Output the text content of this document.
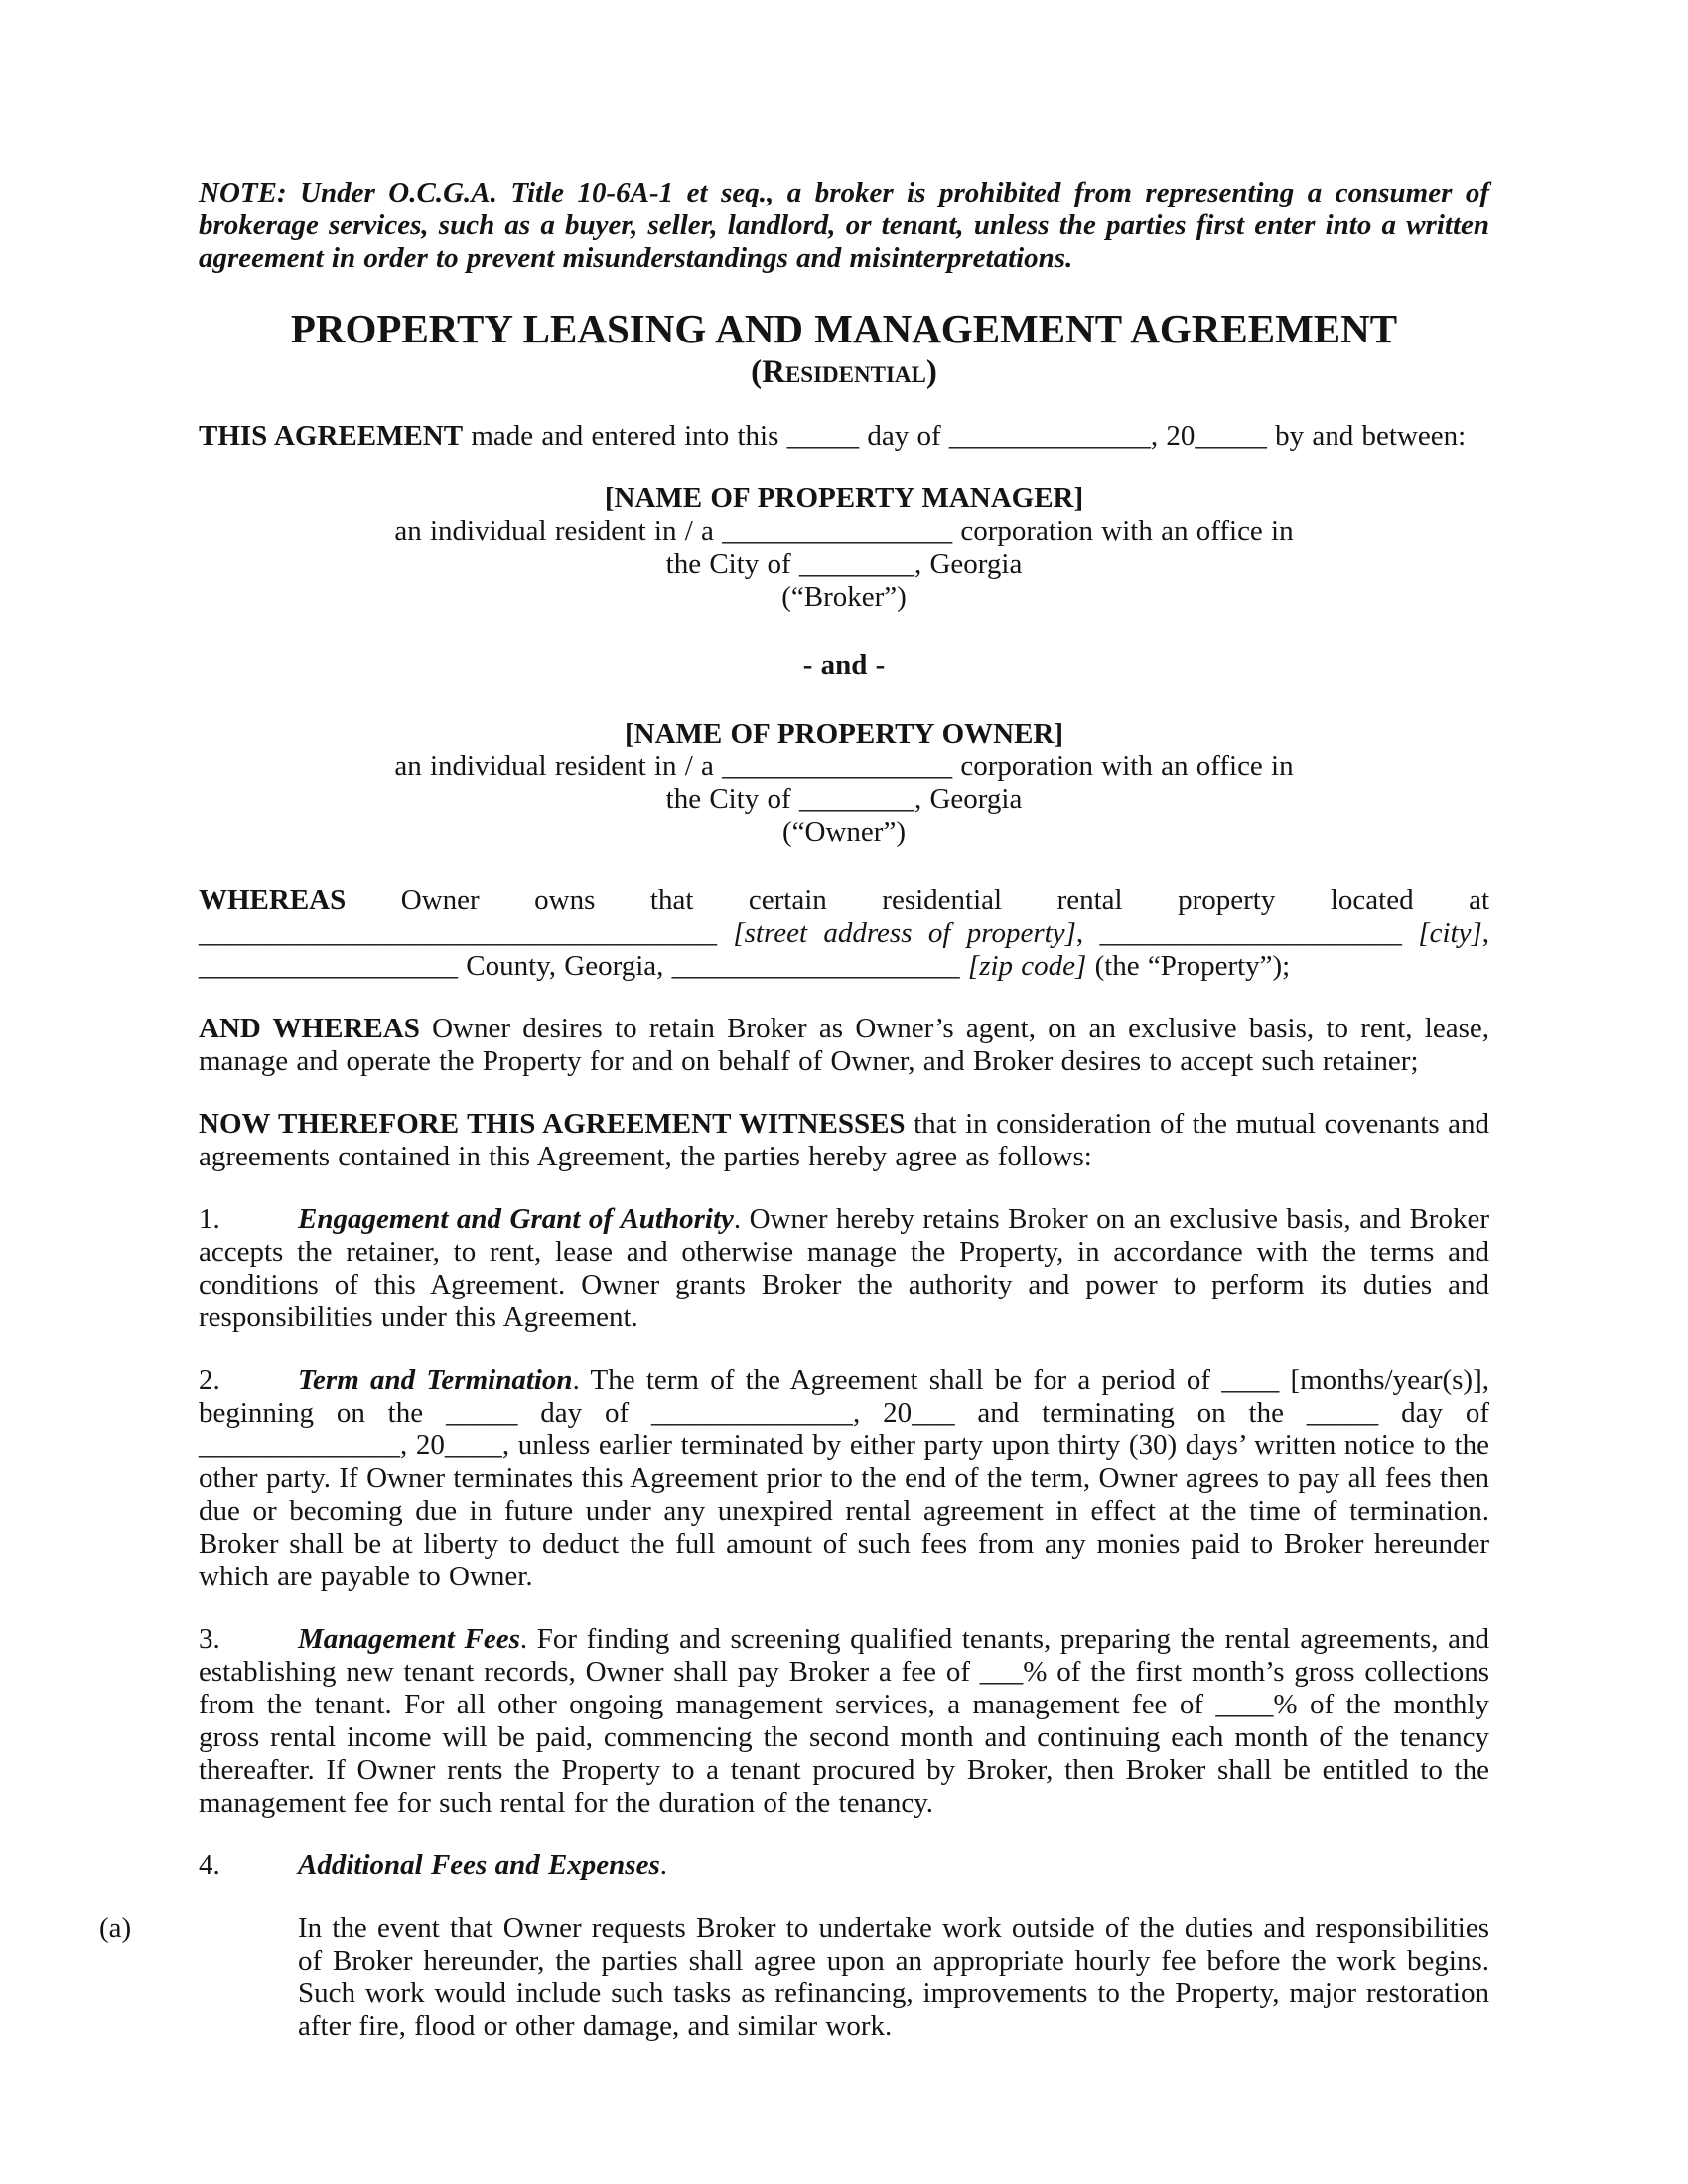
NOTE: Under O.C.G.A. Title 10-6A-1 et seq., a broker is prohibited from representing a consumer of brokerage services, such as a buyer, seller, landlord, or tenant, unless the parties first enter into a written agreement in order to prevent misunderstandings and misinterpretations.

PROPERTY LEASING AND MANAGEMENT AGREEMENT
(Residential)

THIS AGREEMENT made and entered into this _____ day of ______________, 20_____ by and between:

[NAME OF PROPERTY MANAGER]
an individual resident in / a ________________ corporation with an office in
the City of ________, Georgia
(“Broker”)
- and -
[NAME OF PROPERTY OWNER]
an individual resident in / a ________________ corporation with an office in
the City of ________, Georgia
(“Owner”)

WHEREAS Owner owns that certain residential rental property located at ____________________________________ [street address of property], _____________________ [city], __________________ County, Georgia, ____________________ [zip code] (the “Property”);

AND WHEREAS Owner desires to retain Broker as Owner’s agent, on an exclusive basis, to rent, lease, manage and operate the Property for and on behalf of Owner, and Broker desires to accept such retainer;

NOW THEREFORE THIS AGREEMENT WITNESSES that in consideration of the mutual covenants and agreements contained in this Agreement, the parties hereby agree as follows:

1.	Engagement and Grant of Authority. Owner hereby retains Broker on an exclusive basis, and Broker accepts the retainer, to rent, lease and otherwise manage the Property, in accordance with the terms and conditions of this Agreement. Owner grants Broker the authority and power to perform its duties and responsibilities under this Agreement.

2.	Term and Termination. The term of the Agreement shall be for a period of ____ [months/year(s)], beginning on the _____ day of ______________, 20___ and terminating on the _____ day of ______________, 20____, unless earlier terminated by either party upon thirty (30) days’ written notice to the other party. If Owner terminates this Agreement prior to the end of the term, Owner agrees to pay all fees then due or becoming due in future under any unexpired rental agreement in effect at the time of termination. Broker shall be at liberty to deduct the full amount of such fees from any monies paid to Broker hereunder which are payable to Owner.

3.	Management Fees. For finding and screening qualified tenants, preparing the rental agreements, and establishing new tenant records, Owner shall pay Broker a fee of ___% of the first month’s gross collections from the tenant. For all other ongoing management services, a management fee of ____% of the monthly gross rental income will be paid, commencing the second month and continuing each month of the tenancy thereafter. If Owner rents the Property to a tenant procured by Broker, then Broker shall be entitled to the management fee for such rental for the duration of the tenancy.

4.	Additional Fees and Expenses.

(a)	In the event that Owner requests Broker to undertake work outside of the duties and responsibilities of Broker hereunder, the parties shall agree upon an appropriate hourly fee before the work begins. Such work would include such tasks as refinancing, improvements to the Property, major restoration after fire, flood or other damage, and similar work.
